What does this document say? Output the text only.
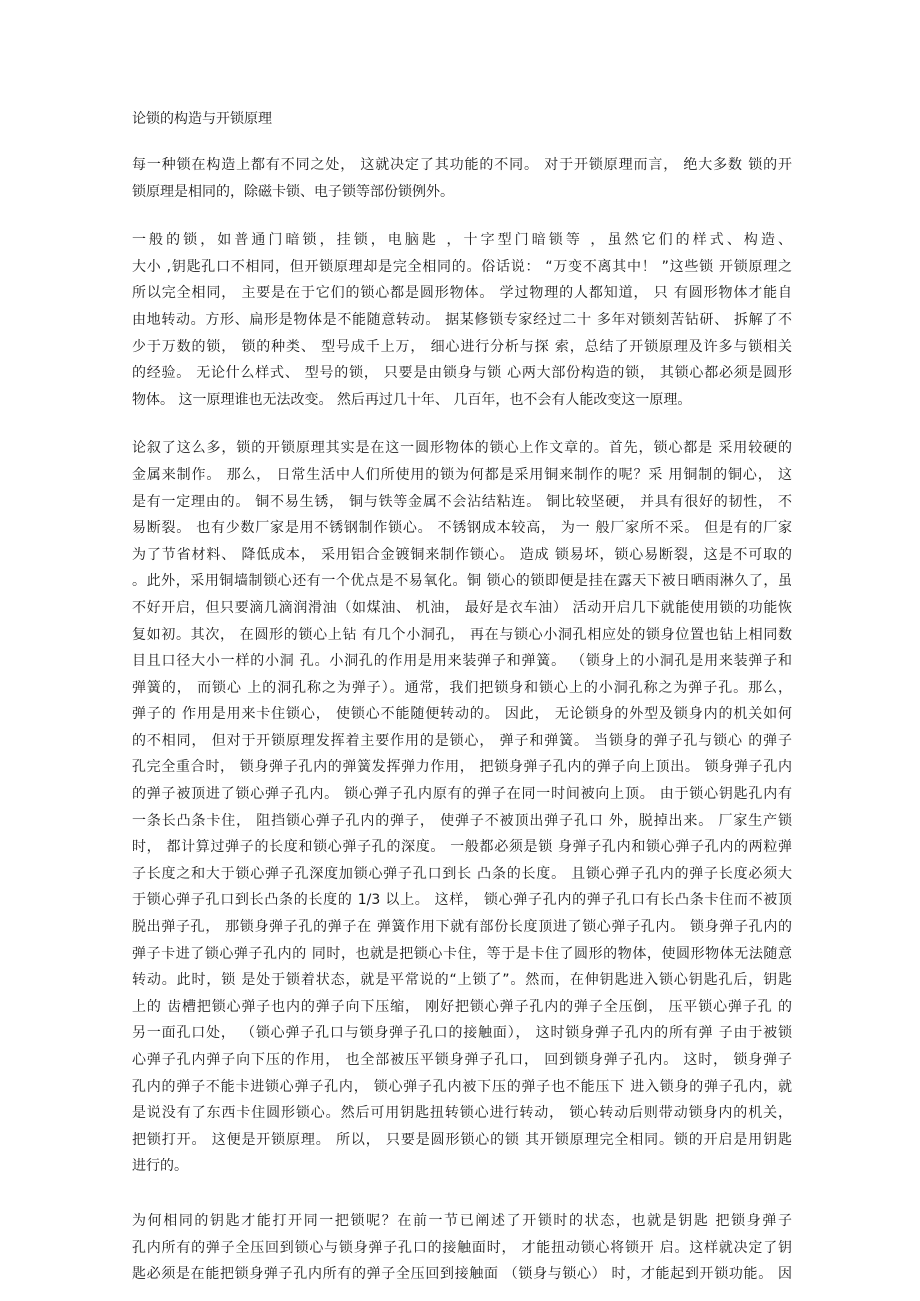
论锁的构造与开锁原理
每一种锁在构造上都有不同之处， 这就决定了其功能的不同。 对于开锁原理而言， 绝大多数 锁的开
锁原理是相同的，除磁卡锁、电子锁等部份锁例外。
一般的锁，如普通门暗锁，挂锁，电脑匙 ，十字型门暗锁等 ，虽然它们的样式、构造、
大小 ,钥匙孔口不相同，但开锁原理却是完全相同的。俗话说： “万变不离其中！ ”这些锁 开锁原理之
所以完全相同， 主要是在于它们的锁心都是圆形物体。 学过物理的人都知道， 只 有圆形物体才能自
由地转动。方形、扁形是物体是不能随意转动。 据某修锁专家经过二十 多年对锁刻苦钻研、 拆解了不
少于万数的锁， 锁的种类、 型号成千上万， 细心进行分析与探 索，总结了开锁原理及许多与锁相关
的经验。 无论什么样式、 型号的锁， 只要是由锁身与锁 心两大部份构造的锁， 其锁心都必须是圆形
物体。 这一原理谁也无法改变。 然后再过几十年、 几百年，也不会有人能改变这一原理。
论叙了这么多，锁的开锁原理其实是在这一圆形物体的锁心上作文章的。首先，锁心都是 采用较硬的
金属来制作。 那么， 日常生活中人们所使用的锁为何都是采用铜来制作的呢？采 用铜制的铜心， 这
是有一定理由的。 铜不易生锈， 铜与铁等金属不会沾结粘连。 铜比较坚硬， 并具有很好的韧性， 不
易断裂。 也有少数厂家是用不锈钢制作锁心。 不锈钢成本较高， 为一 般厂家所不采。 但是有的厂家
为了节省材料、 降低成本， 采用铝合金镀铜来制作锁心。 造成 锁易坏，锁心易断裂，这是不可取的
。此外，采用铜墙制锁心还有一个优点是不易氧化。铜 锁心的锁即便是挂在露天下被日晒雨淋久了，虽
不好开启，但只要滴几滴润滑油（如煤油、 机油， 最好是衣车油） 活动开启几下就能使用锁的功能恢
复如初。其次， 在圆形的锁心上钻 有几个小洞孔， 再在与锁心小洞孔相应处的锁身位置也钻上相同数
目且口径大小一样的小洞 孔。小洞孔的作用是用来装弹子和弹簧。 （锁身上的小洞孔是用来装弹子和
弹簧的， 而锁心 上的洞孔称之为弹子）。通常，我们把锁身和锁心上的小洞孔称之为弹子孔。那么，
弹子的 作用是用来卡住锁心， 使锁心不能随便转动的。 因此， 无论锁身的外型及锁身内的机关如何
的不相同， 但对于开锁原理发挥着主要作用的是锁心， 弹子和弹簧。 当锁身的弹子孔与锁心 的弹子
孔完全重合时， 锁身弹子孔内的弹簧发挥弹力作用， 把锁身弹子孔内的弹子向上顶出。 锁身弹子孔内
的弹子被顶进了锁心弹子孔内。 锁心弹子孔内原有的弹子在同一时间被向上顶。 由于锁心钥匙孔内有
一条长凸条卡住， 阻挡锁心弹子孔内的弹子， 使弹子不被顶出弹子孔口 外，脱掉出来。 厂家生产锁
时， 都计算过弹子的长度和锁心弹子孔的深度。 一般都必须是锁 身弹子孔内和锁心弹子孔内的两粒弹
子长度之和大于锁心弹子孔深度加锁心弹子孔口到长 凸条的长度。 且锁心弹子孔内的弹子长度必须大
于锁心弹子孔口到长凸条的长度的 1/3 以上。 这样， 锁心弹子孔内的弹子孔口有长凸条卡住而不被顶
脱出弹子孔， 那锁身弹子孔的弹子在 弹簧作用下就有部份长度顶进了锁心弹子孔内。 锁身弹子孔内的
弹子卡进了锁心弹子孔内的 同时，也就是把锁心卡住，等于是卡住了圆形的物体，使圆形物体无法随意
转动。此时，锁 是处于锁着状态，就是平常说的“上锁了”。然而，在伸钥匙进入锁心钥匙孔后，钥匙
上的 齿槽把锁心弹子也内的弹子向下压缩， 刚好把锁心弹子孔内的弹子全压倒， 压平锁心弹子孔 的
另一面孔口处， （锁心弹子孔口与锁身弹子孔口的接触面）， 这时锁身弹子孔内的所有弹 子由于被锁
心弹子孔内弹子向下压的作用， 也全部被压平锁身弹子孔口， 回到锁身弹子孔内。 这时， 锁身弹子
孔内的弹子不能卡进锁心弹子孔内， 锁心弹子孔内被下压的弹子也不能压下 进入锁身的弹子孔内，就
是说没有了东西卡住圆形锁心。然后可用钥匙扭转锁心进行转动， 锁心转动后则带动锁身内的机关，
把锁打开。 这便是开锁原理。 所以， 只要是圆形锁心的锁 其开锁原理完全相同。锁的开启是用钥匙
进行的。
为何相同的钥匙才能打开同一把锁呢？在前一节已阐述了开锁时的状态，也就是钥匙 把锁身弹子
孔内所有的弹子全压回到锁心与锁身弹子孔口的接触面时， 才能扭动锁心将锁开 启。这样就决定了钥
匙必须是在能把锁身弹子孔内所有的弹子全压回到接触面 （锁身与锁心） 时，才能起到开锁功能。 因
